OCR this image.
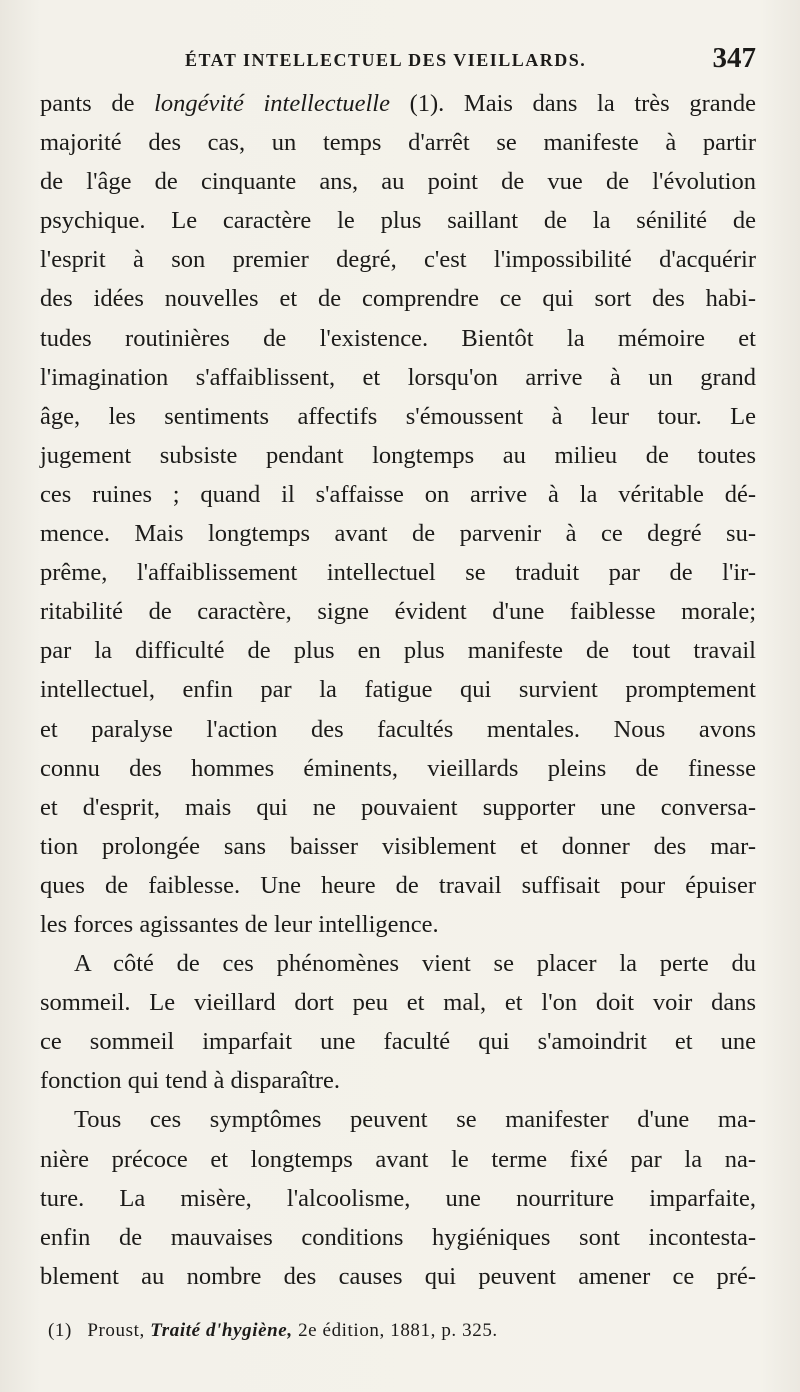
ÉTAT INTELLECTUEL DES VIEILLARDS.	347
pants de longévité intellectuelle (1). Mais dans la très grande
majorité des cas, un temps d'arrêt se manifeste à partir
de l'âge de cinquante ans, au point de vue de l'évolution
psychique. Le caractère le plus saillant de la sénilité de
l'esprit à son premier degré, c'est l'impossibilité d'acquérir
des idées nouvelles et de comprendre ce qui sort des habi-
tudes routinières de l'existence. Bientôt la mémoire et
l'imagination s'affaiblissent, et lorsqu'on arrive à un grand
âge, les sentiments affectifs s'émoussent à leur tour. Le
jugement subsiste pendant longtemps au milieu de toutes
ces ruines ; quand il s'affaisse on arrive à la véritable dé-
mence. Mais longtemps avant de parvenir à ce degré su-
prême, l'affaiblissement intellectuel se traduit par de l'ir-
ritabilité de caractère, signe évident d'une faiblesse morale;
par la difficulté de plus en plus manifeste de tout travail
intellectuel, enfin par la fatigue qui survient promptement
et paralyse l'action des facultés mentales. Nous avons
connu des hommes éminents, vieillards pleins de finesse
et d'esprit, mais qui ne pouvaient supporter une conversa-
tion prolongée sans baisser visiblement et donner des mar-
ques de faiblesse. Une heure de travail suffisait pour épuiser
les forces agissantes de leur intelligence.
A côté de ces phénomènes vient se placer la perte du
sommeil. Le vieillard dort peu et mal, et l'on doit voir dans
ce sommeil imparfait une faculté qui s'amoindrit et une
fonction qui tend à disparaître.
Tous ces symptômes peuvent se manifester d'une ma-
nière précoce et longtemps avant le terme fixé par la na-
ture. La misère, l'alcoolisme, une nourriture imparfaite,
enfin de mauvaises conditions hygiéniques sont incontesta-
blement au nombre des causes qui peuvent amener ce pré-
(1) Proust, Traité d'hygiène, 2e édition, 1881, p. 325.
